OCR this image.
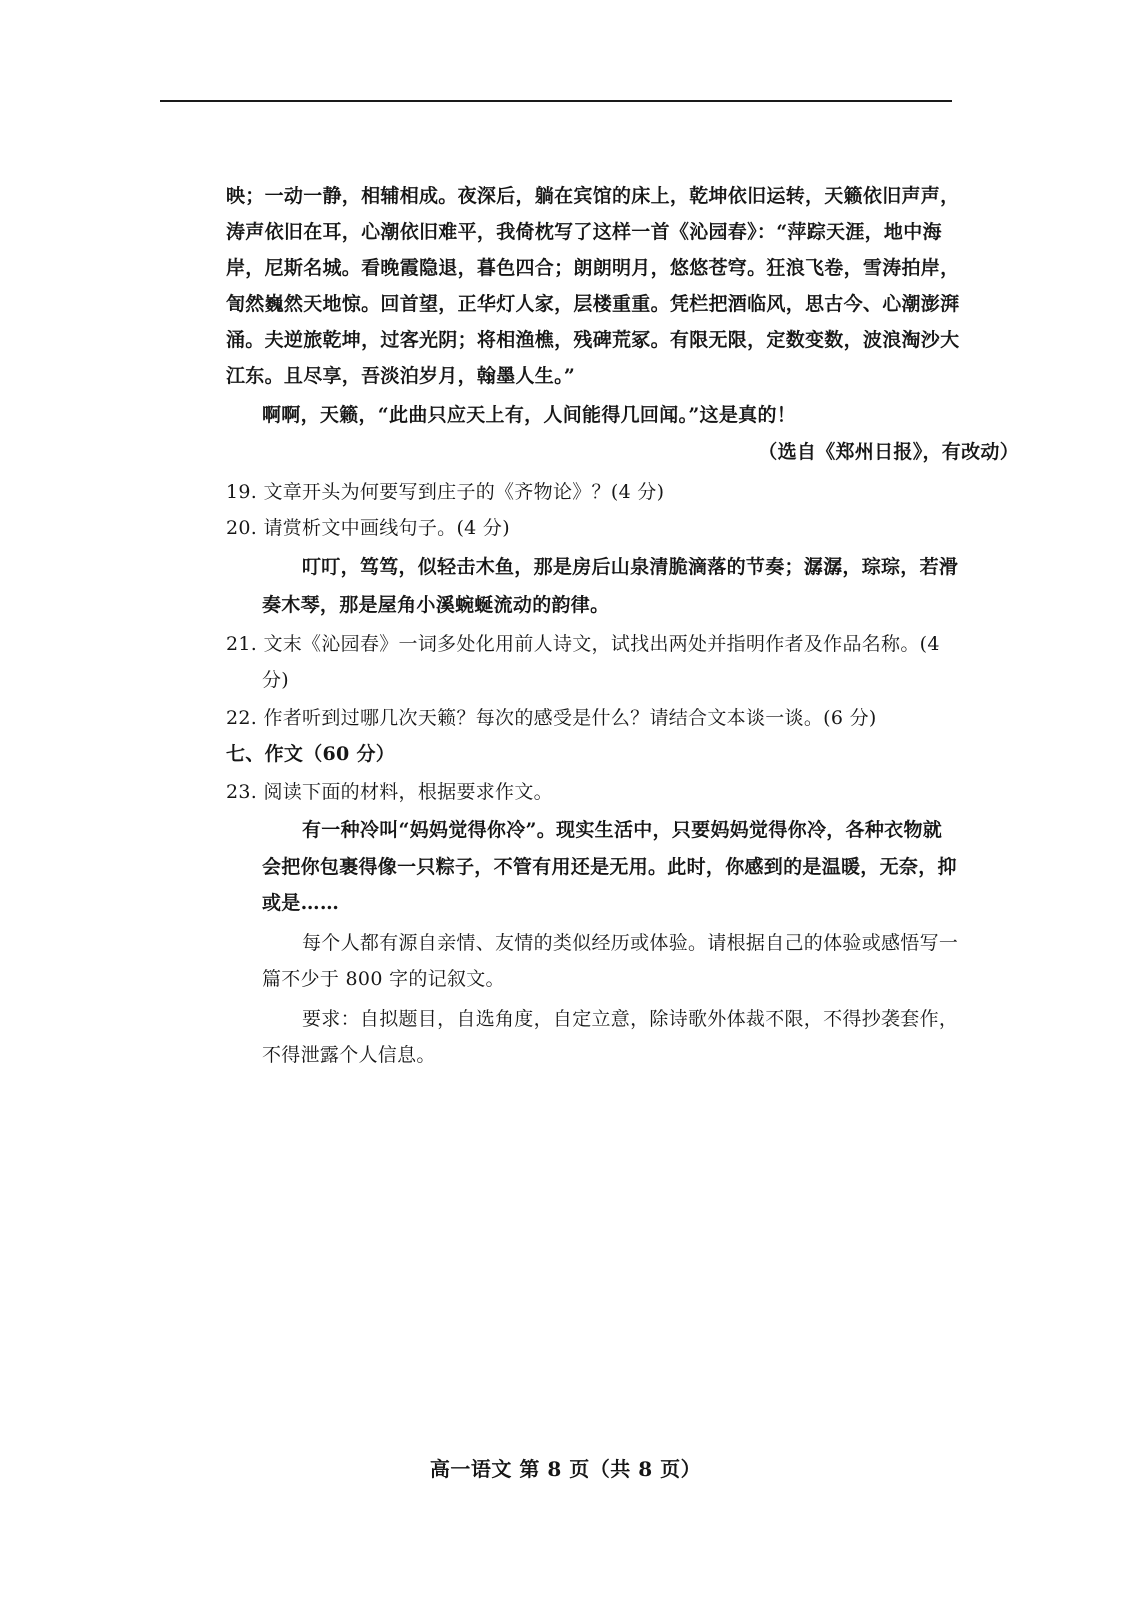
映；一动一静，相辅相成。夜深后，躺在宾馆的床上，乾坤依旧运转，天籁依旧声声，
涛声依旧在耳，心潮依旧难平，我倚枕写了这样一首《沁园春》：“萍踪天涯，地中海
岸，尼斯名城。看晚霞隐退，暮色四合；朗朗明月，悠悠苍穹。狂浪飞卷，雪涛拍岸，
訇然巍然天地惊。回首望，正华灯人家，层楼重重。凭栏把酒临风，思古今、心潮澎湃
涌。夫逆旅乾坤，过客光阴；将相渔樵，残碑荒冢。有限无限，定数变数，波浪淘沙大
江东。且尽享，吾淡泊岁月，翰墨人生。”
啊啊，天籁，“此曲只应天上有，人间能得几回闻。”这是真的！
（选自《郑州日报》，有改动）
19. 文章开头为何要写到庄子的《齐物论》？(4 分)
20. 请赏析文中画线句子。(4 分)
叮叮，笃笃，似轻击木鱼，那是房后山泉清脆滴落的节奏；潺潺，琮琮，若滑
奏木琴，那是屋角小溪蜿蜒流动的韵律。
21. 文末《沁园春》一词多处化用前人诗文，试找出两处并指明作者及作品名称。(4
分)
22. 作者听到过哪几次天籁？每次的感受是什么？请结合文本谈一谈。(6 分)
七、作文（60 分）
23. 阅读下面的材料，根据要求作文。
有一种冷叫“妈妈觉得你冷”。现实生活中，只要妈妈觉得你冷，各种衣物就
会把你包裹得像一只粽子，不管有用还是无用。此时，你感到的是温暖，无奈，抑
或是……
每个人都有源自亲情、友情的类似经历或体验。请根据自己的体验或感悟写一
篇不少于 800 字的记叙文。
要求：自拟题目，自选角度，自定立意，除诗歌外体裁不限，不得抄袭套作，
不得泄露个人信息。
高一语文 第 8 页（共 8 页）
